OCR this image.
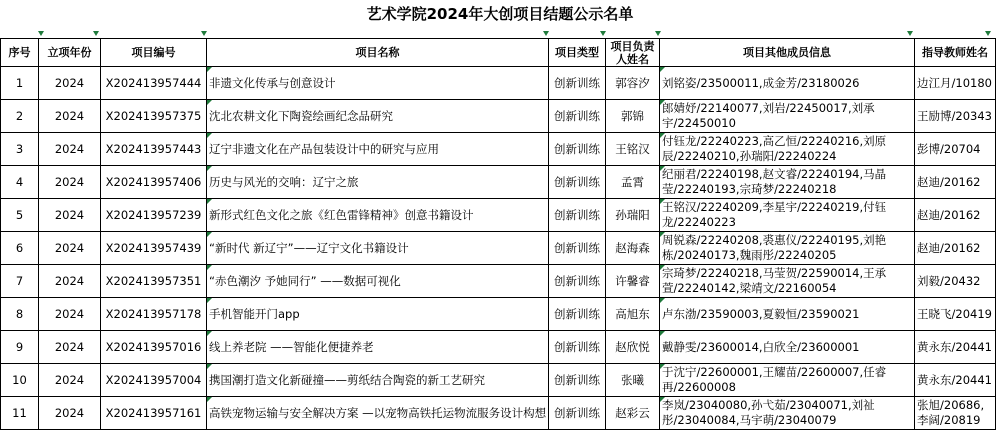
艺术学院2024年大创项目结题公示名单
序号	立项年份	项目编号	项目名称	项目类型	项目负责人姓名	项目其他成员信息	指导教师姓名
1	2024	X202413957444	非遗文化传承与创意设计	创新训练	郭容汐	刘铭姿/23500011,成金芳/23180026	边江月/10180
2	2024	X202413957375	沈北农耕文化下陶瓷绘画纪念品研究	创新训练	郭锦	郎婧妤/22140077,刘岩/22450017,刘承宇/22450010	王励博/20343
3	2024	X202413957443	辽宁非遗文化在产品包装设计中的研究与应用	创新训练	王铭汉	付钰龙/22240223,高乙恒/22240216,刘原辰/22240210,孙瑞阳/22240224	彭博/20704
4	2024	X202413957406	历史与风光的交响：辽宁之旅	创新训练	孟霄	纪丽君/22240198,赵文睿/22240194,马晶莹/22240193,宗琦梦/22240218	赵迪/20162
5	2024	X202413957239	新形式红色文化之旅《红色雷锋精神》创意书籍设计	创新训练	孙瑞阳	王铭汉/22240209,李星宇/22240219,付钰龙/22240223	赵迪/20162
6	2024	X202413957439	“新时代 新辽宁”——辽宁文化书籍设计	创新训练	赵海森	周锐森/22240208,裘惠仪/22240195,刘艳栋/20240173,魏雨彤/22240205	赵迪/20162
7	2024	X202413957351	“赤色潮汐 予她同行” ——数据可视化	创新训练	许馨睿	宗琦梦/22240218,马莹贺/22590014,王承萱/22240142,梁靖文/22160054	刘毅/20432
8	2024	X202413957178	手机智能开门app	创新训练	高旭东	卢东渤/23590003,夏毅恒/23590021	王晓飞/20419
9	2024	X202413957016	线上养老院 ——智能化便捷养老	创新训练	赵欣悦	戴静雯/23600014,白欣全/23600001	黄永东/20441
10	2024	X202413957004	携国潮打造文化新碰撞——剪纸结合陶瓷的新工艺研究	创新训练	张曦	于沈宁/22600001,王耀苗/22600007,任睿再/22600008	黄永东/20441
11	2024	X202413957161	高铁宠物运输与安全解决方案 —以宠物高铁托运物流服务设计构想	创新训练	赵彩云	李岚/23040080,孙弋茹/23040071,刘祉彤/23040084,马宇萌/23040079	张旭/20686,李阔/20819
